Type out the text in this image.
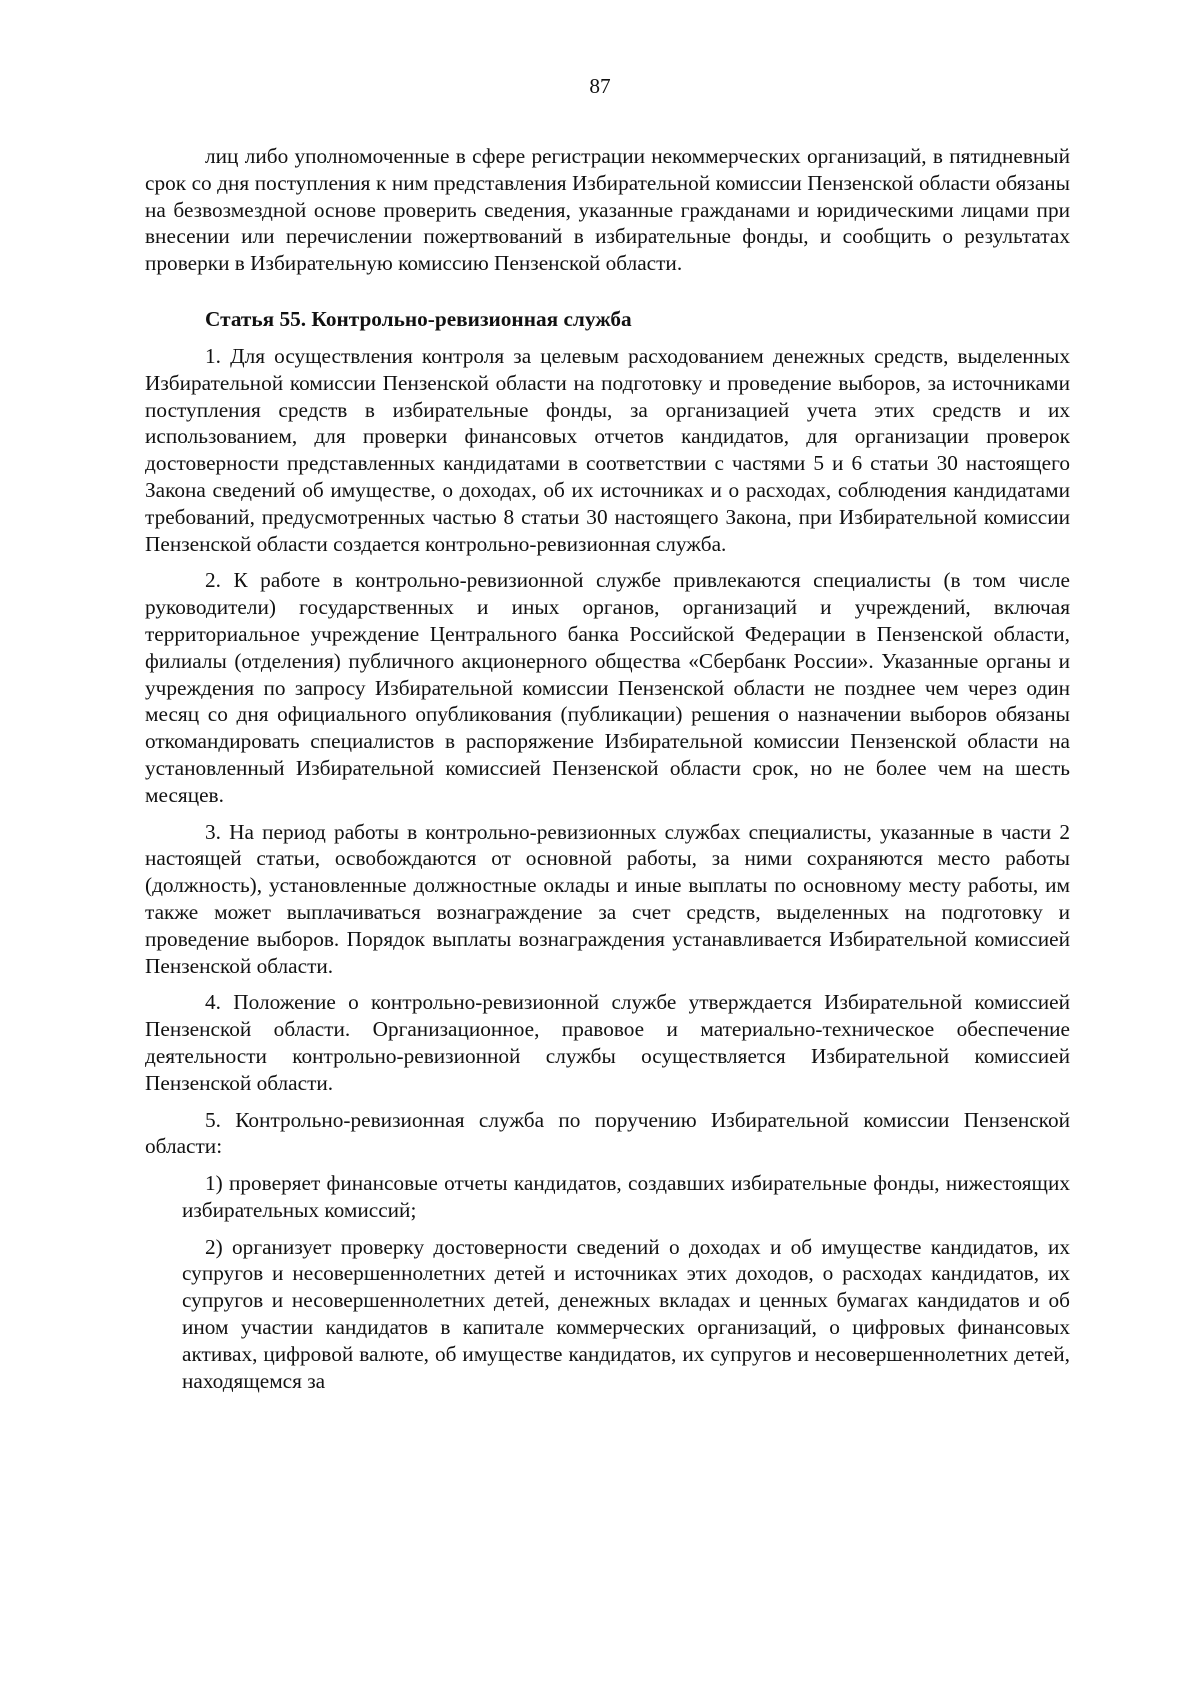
87

лиц либо уполномоченные в сфере регистрации некоммерческих организаций, в пятидневный срок со дня поступления к ним представления Избирательной комиссии Пензенской области обязаны на безвозмездной основе проверить сведения, указанные гражданами и юридическими лицами при внесении или перечислении пожертвований в избирательные фонды, и сообщить о результатах проверки в Избирательную комиссию Пензенской области.

Статья 55. Контрольно-ревизионная служба

1. Для осуществления контроля за целевым расходованием денежных средств, выделенных Избирательной комиссии Пензенской области на подготовку и проведение выборов, за источниками поступления средств в избирательные фонды, за организацией учета этих средств и их использованием, для проверки финансовых отчетов кандидатов, для организации проверок достоверности представленных кандидатами в соответствии с частями 5 и 6 статьи 30 настоящего Закона сведений об имуществе, о доходах, об их источниках и о расходах, соблюдения кандидатами требований, предусмотренных частью 8 статьи 30 настоящего Закона, при Избирательной комиссии Пензенской области создается контрольно-ревизионная служба.

2. К работе в контрольно-ревизионной службе привлекаются специалисты (в том числе руководители) государственных и иных органов, организаций и учреждений, включая территориальное учреждение Центрального банка Российской Федерации в Пензенской области, филиалы (отделения) публичного акционерного общества «Сбербанк России». Указанные органы и учреждения по запросу Избирательной комиссии Пензенской области не позднее чем через один месяц со дня официального опубликования (публикации) решения о назначении выборов обязаны откомандировать специалистов в распоряжение Избирательной комиссии Пензенской области на установленный Избирательной комиссией Пензенской области срок, но не более чем на шесть месяцев.

3. На период работы в контрольно-ревизионных службах специалисты, указанные в части 2 настоящей статьи, освобождаются от основной работы, за ними сохраняются место работы (должность), установленные должностные оклады и иные выплаты по основному месту работы, им также может выплачиваться вознаграждение за счет средств, выделенных на подготовку и проведение выборов. Порядок выплаты вознаграждения устанавливается Избирательной комиссией Пензенской области.

4. Положение о контрольно-ревизионной службе утверждается Избирательной комиссией Пензенской области. Организационное, правовое и материально-техническое обеспечение деятельности контрольно-ревизионной службы осуществляется Избирательной комиссией Пензенской области.

5. Контрольно-ревизионная служба по поручению Избирательной комиссии Пензенской области:

1) проверяет финансовые отчеты кандидатов, создавших избирательные фонды, нижестоящих избирательных комиссий;

2) организует проверку достоверности сведений о доходах и об имуществе кандидатов, их супругов и несовершеннолетних детей и источниках этих доходов, о расходах кандидатов, их супругов и несовершеннолетних детей, денежных вкладах и ценных бумагах кандидатов и об ином участии кандидатов в капитале коммерческих организаций, о цифровых финансовых активах, цифровой валюте, об имуществе кандидатов, их супругов и несовершеннолетних детей, находящемся за
